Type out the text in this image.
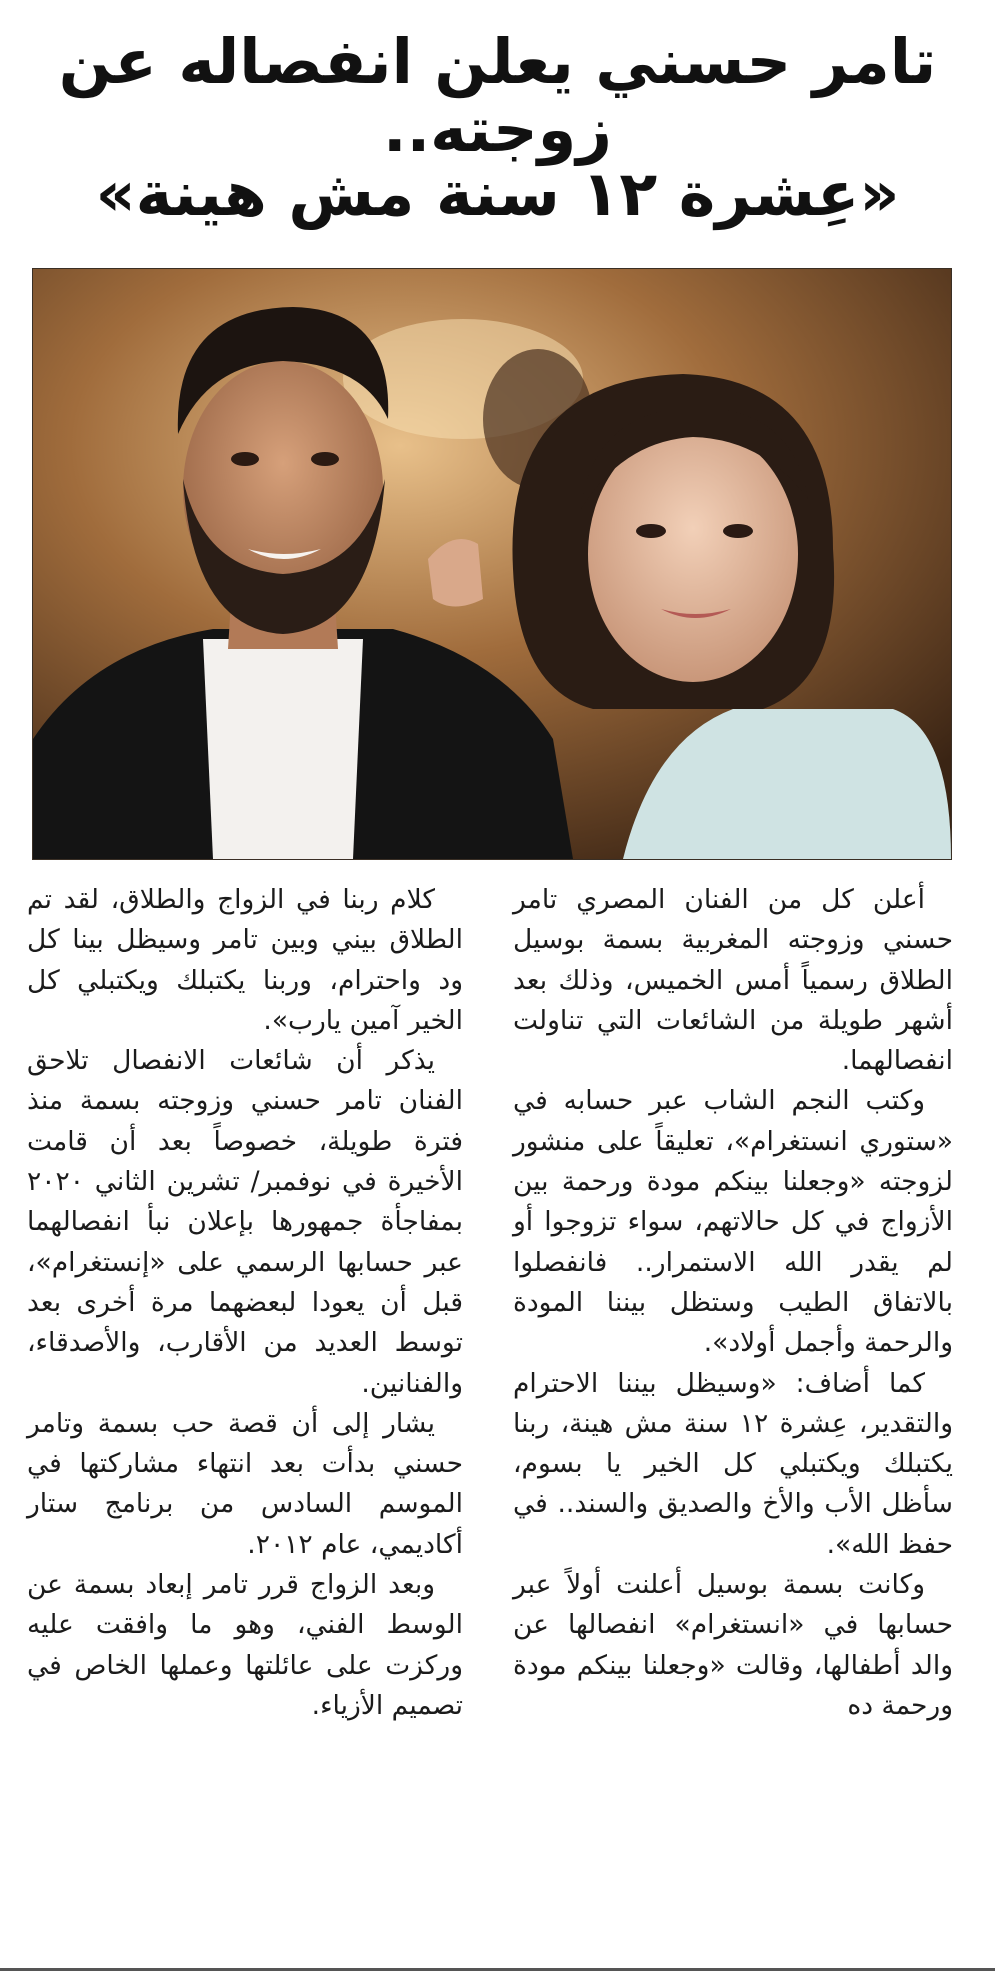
تامر حسني يعلن انفصاله عن زوجته..
«عِشرة ١٢ سنة مش هينة»

أعلن كل من الفنان المصري تامر حسني وزوجته المغربية بسمة بوسيل الطلاق رسمياً أمس الخميس، وذلك بعد أشهر طويلة من الشائعات التي تناولت انفصالهما.

وكتب النجم الشاب عبر حسابه في «ستوري انستغرام»، تعليقاً على منشور لزوجته «وجعلنا بينكم مودة ورحمة بين الأزواج في كل حالاتهم، سواء تزوجوا أو لم يقدر الله الاستمرار.. فانفصلوا بالاتفاق الطيب وستظل بيننا المودة والرحمة وأجمل أولاد».

كما أضاف: «وسيظل بيننا الاحترام والتقدير، عِشرة ١٢ سنة مش هينة، ربنا يكتبلك ويكتبلي كل الخير يا بسوم، سأظل الأب والأخ والصديق والسند.. في حفظ الله».

وكانت بسمة بوسيل أعلنت أولاً عبر حسابها في «انستغرام» انفصالها عن والد أطفالها، وقالت «وجعلنا بينكم مودة ورحمة ده

كلام ربنا في الزواج والطلاق، لقد تم الطلاق بيني وبين تامر وسيظل بينا كل ود واحترام، وربنا يكتبلك ويكتبلي كل الخير آمين يارب».

يذكر أن شائعات الانفصال تلاحق الفنان تامر حسني وزوجته بسمة منذ فترة طويلة، خصوصاً بعد أن قامت الأخيرة في نوفمبر/ تشرين الثاني ٢٠٢٠ بمفاجأة جمهورها بإعلان نبأ انفصالهما عبر حسابها الرسمي على «إنستغرام»، قبل أن يعودا لبعضهما مرة أخرى بعد توسط العديد من الأقارب، والأصدقاء، والفنانين.

يشار إلى أن قصة حب بسمة وتامر حسني بدأت بعد انتهاء مشاركتها في الموسم السادس من برنامج ستار أكاديمي، عام ٢٠١٢.

وبعد الزواج قرر تامر إبعاد بسمة عن الوسط الفني، وهو ما وافقت عليه وركزت على عائلتها وعملها الخاص في تصميم الأزياء.
